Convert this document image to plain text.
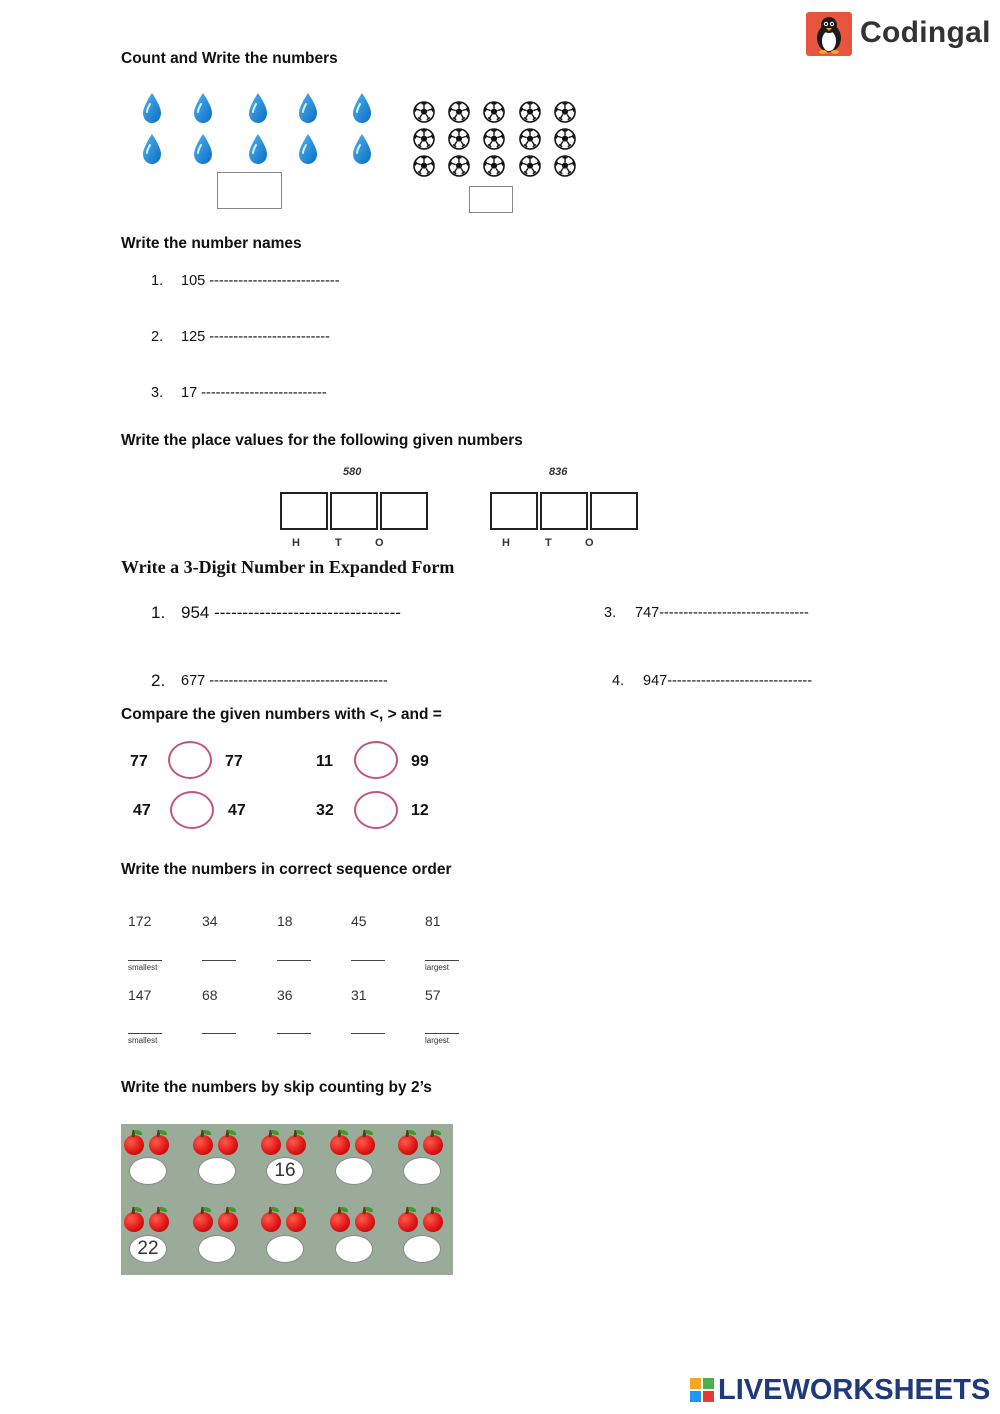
Codingal
Count and Write the numbers
Write the number names
1. 105 ---------------------------
2. 125 -------------------------
3. 17 --------------------------
Write the place values for the following given numbers
580
H	T	O
836
H	T	O
Write a 3-Digit Number in Expanded Form
1. 954 ---------------------------------
2. 677 -------------------------------------
3. 747-------------------------------
4. 947------------------------------
Compare the given numbers with <, > and =
77	77	11	99
47	47	32	12
Write the numbers in correct sequence order
172	34	18	45	81
smallest	largest
147	68	36	31	57
smallest	largest
Write the numbers by skip counting by 2’s
16
22
LIVEWORKSHEETS
